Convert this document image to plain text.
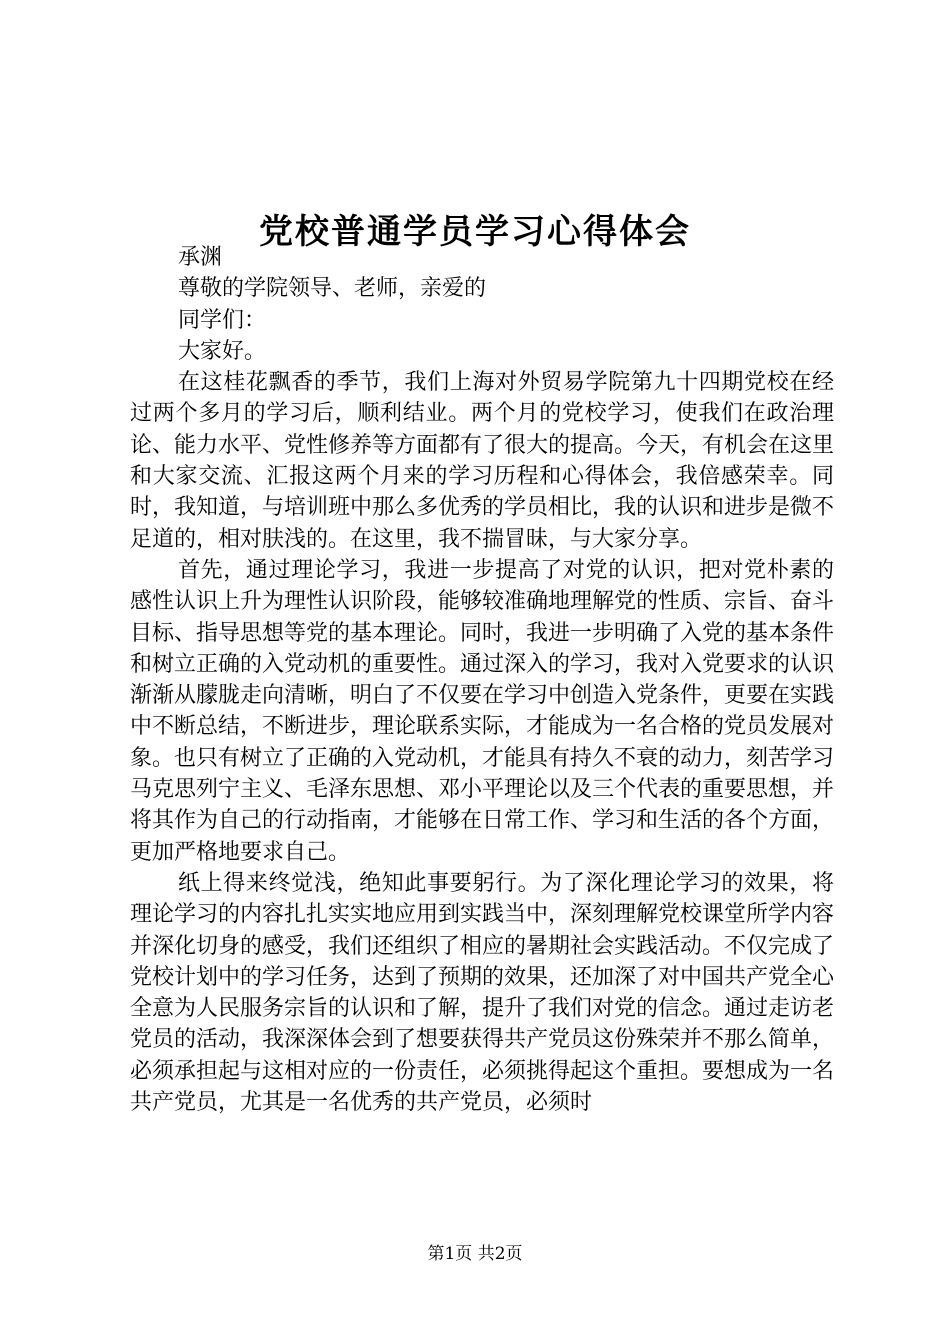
党校普通学员学习心得体会

承渊

尊敬的学院领导、老师，亲爱的

同学们：

大家好。

在这桂花飘香的季节，我们上海对外贸易学院第九十四期党校在经过两个多月的学习后，顺利结业。两个月的党校学习，使我们在政治理论、能力水平、党性修养等方面都有了很大的提高。今天，有机会在这里和大家交流、汇报这两个月来的学习历程和心得体会，我倍感荣幸。同时，我知道，与培训班中那么多优秀的学员相比，我的认识和进步是微不足道的，相对肤浅的。在这里，我不揣冒昧，与大家分享。

首先，通过理论学习，我进一步提高了对党的认识，把对党朴素的感性认识上升为理性认识阶段，能够较准确地理解党的性质、宗旨、奋斗目标、指导思想等党的基本理论。同时，我进一步明确了入党的基本条件和树立正确的入党动机的重要性。通过深入的学习，我对入党要求的认识渐渐从朦胧走向清晰，明白了不仅要在学习中创造入党条件，更要在实践中不断总结，不断进步，理论联系实际，才能成为一名合格的党员发展对象。也只有树立了正确的入党动机，才能具有持久不衰的动力，刻苦学习马克思列宁主义、毛泽东思想、邓小平理论以及三个代表的重要思想，并将其作为自己的行动指南，才能够在日常工作、学习和生活的各个方面，更加严格地要求自己。

纸上得来终觉浅，绝知此事要躬行。为了深化理论学习的效果，将理论学习的内容扎扎实实地应用到实践当中，深刻理解党校课堂所学内容并深化切身的感受，我们还组织了相应的暑期社会实践活动。不仅完成了党校计划中的学习任务，达到了预期的效果，还加深了对中国共产党全心全意为人民服务宗旨的认识和了解，提升了我们对党的信念。通过走访老党员的活动，我深深体会到了想要获得共产党员这份殊荣并不那么简单，必须承担起与这相对应的一份责任，必须挑得起这个重担。要想成为一名共产党员，尤其是一名优秀的共产党员，必须时

第1页 共2页
